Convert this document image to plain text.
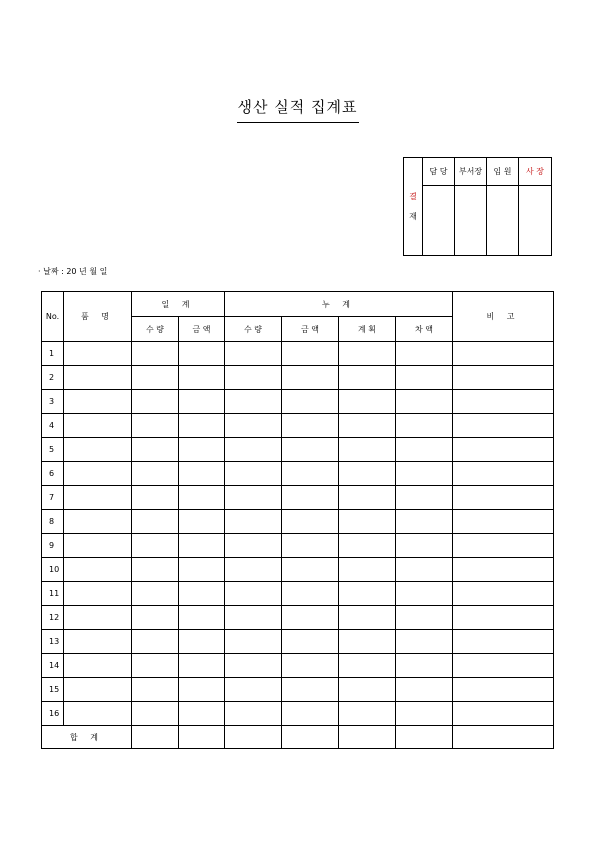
생산 실적 집계표
결
재	담 당	부서장	임 원	사 장

· 날짜 : 20 년 월 일
No.	품 명	일 계		누 계				비 고
		수 량	금 액	수 량	금 액	계 획	차 액	
1								
2								
3								
4								
5								
6								
7								
8								
9								
10								
11								
12								
13								
14								
15								
16								
합 계								
